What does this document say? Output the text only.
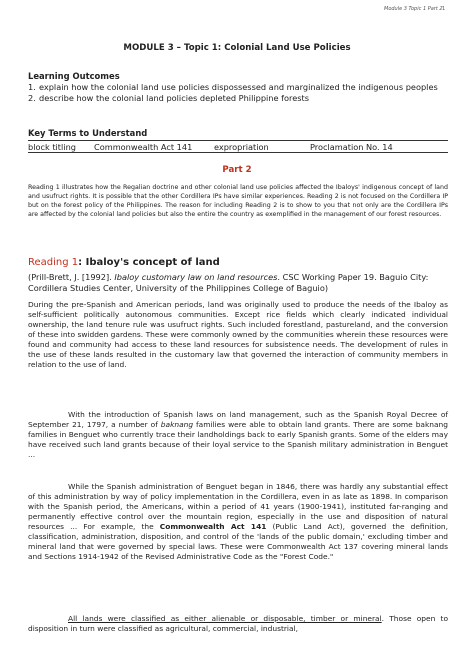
Module 3 Topic 1 Part 2 1
MODULE 3 – Topic 1: Colonial Land Use Policies
Learning Outcomes
1. explain how the colonial land use policies dispossessed and marginalized the indigenous peoples
2. describe how the colonial land policies depleted Philippine forests
Key Terms to Understand
block titling Commonwealth Act 141	expropriation	Proclamation No. 14
Part 2
Reading 1 illustrates how the Regalian doctrine and other colonial land use policies affected the Ibaloys' indigenous concept of land and usufruct rights. It is possible that the other Cordillera IPs have similar experiences. Reading 2 is not focused on the Cordillera IP but on the forest policy of the Philippines. The reason for including Reading 2 is to show to you that not only are the Cordillera IPs are affected by the colonial land policies but also the entire the country as exemplified in the management of our forest resources.
Reading 1: Ibaloy's concept of land
(Prill-Brett, J. [1992]. Ibaloy customary law on land resources. CSC Working Paper 19. Baguio City: Cordillera Studies Center, University of the Philippines College of Baguio)
During the pre-Spanish and American periods, land was originally used to produce the needs of the Ibaloy as self-sufficient politically autonomous communities. Except rice fields which clearly indicated individual ownership, the land tenure rule was usufruct rights. Such included forestland, pastureland, and the conversion of these into swidden gardens. These were commonly owned by the communities wherein these resources were found and community had access to these land resources for subsistence needs. The development of rules in the use of these lands resulted in the customary law that governed the interaction of community members in relation to the use of land.
With the introduction of Spanish laws on land management, such as the Spanish Royal Decree of September 21, 1797, a number of baknang families were able to obtain land grants. There are some baknang families in Benguet who currently trace their landholdings back to early Spanish grants. Some of the elders may have received such land grants because of their loyal service to the Spanish military administration in Benguet ...
While the Spanish administration of Benguet began in 1846, there was hardly any substantial effect of this administration by way of policy implementation in the Cordillera, even in as late as 1898. In comparison with the Spanish period, the Americans, within a period of 41 years (1900-1941), instituted far-ranging and permanently effective control over the mountain region, especially in the use and disposition of natural resources ... For example, the Commonwealth Act 141 (Public Land Act), governed the definition, classification, administration, disposition, and control of the 'lands of the public domain,' excluding timber and mineral land that were governed by special laws. These were Commonwealth Act 137 covering mineral lands and Sections 1914-1942 of the Revised Administrative Code as the "Forest Code."
All lands were classified as either alienable or disposable, timber or mineral. Those open to disposition in turn were classified as agricultural, commercial, industrial,
